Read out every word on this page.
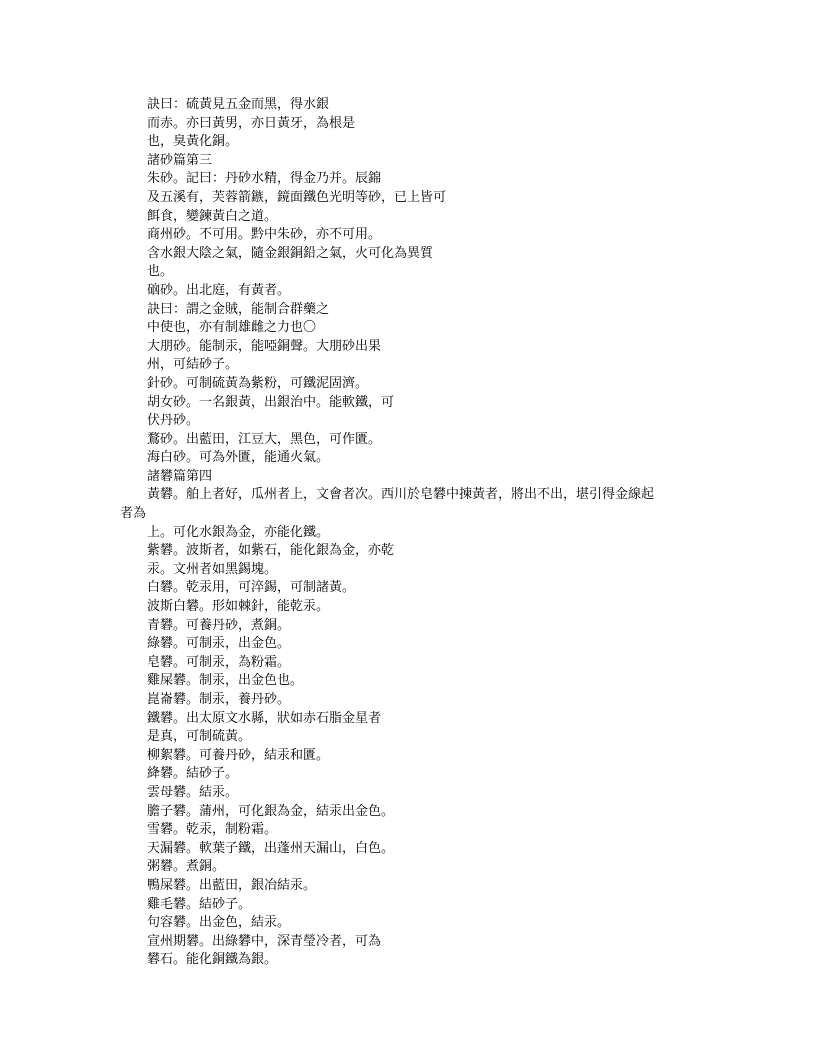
訣曰：硫黃見五金而黑，得水銀

而赤。亦曰黃男，亦日黃牙，為根是

也，臭黃化銅。

諸砂篇第三

朱砂。記曰：丹砂水精，得金乃并。辰錦

及五溪有，芙蓉箭鏃，鏡面鐵色光明等砂，已上皆可

餌食，變鍊黃白之道。

商州砂。不可用。黔中朱砂，亦不可用。

含水銀大陰之氣，隨金銀銅鉛之氣，火可化為異質

也。

硇砂。出北庭，有黃者。

訣曰：謂之金賊，能制合群藥之

中使也，亦有制雄雌之力也〇

大朋砂。能制汞，能啞銅聲。大朋砂出果

州，可結砂子。

針砂。可制硫黃為紫粉，可鐵泥固濟。

胡女砂。一名銀黃，出銀治中。能軟鐵，可

伏丹砂。

鶩砂。出藍田，江豆大，黑色，可作匱。

海白砂。可為外匱，能通火氣。

諸礬篇第四

黃礬。舶上者好，瓜州者上，文會者次。西川於皂礬中揀黃者，將出不出，堪引得金線起

者為

上。可化水銀為金，亦能化鐵。

紫礬。波斯者，如紫石，能化銀為金，亦乾

汞。文州者如黑錫塊。

白礬。乾汞用，可淬錫，可制諸黃。

波斯白礬。形如棘針，能乾汞。

青礬。可養丹砂，煮銅。

綠礬。可制汞，出金色。

皂礬。可制汞，為粉霜。

雞屎礬。制汞，出金色也。

崑崙礬。制汞，養丹砂。

鐵礬。出太原文水縣，狀如赤石脂金星者

是真，可制硫黃。

柳絮礬。可養丹砂，結汞和匱。

絳礬。結砂子。

雲母礬。結汞。

膽子礬。蒲州，可化銀為金，結汞出金色。

雪礬。乾汞，制粉霜。

天漏礬。軟葉子鐵，出蓬州天漏山，白色。

粥礬。煮銅。

鴨屎礬。出藍田，銀冶結汞。

雞毛礬。結砂子。

句容礬。出金色，結汞。

宣州期礬。出綠礬中，深青瑩冷者，可為

礬石。能化銅鐵為銀。
